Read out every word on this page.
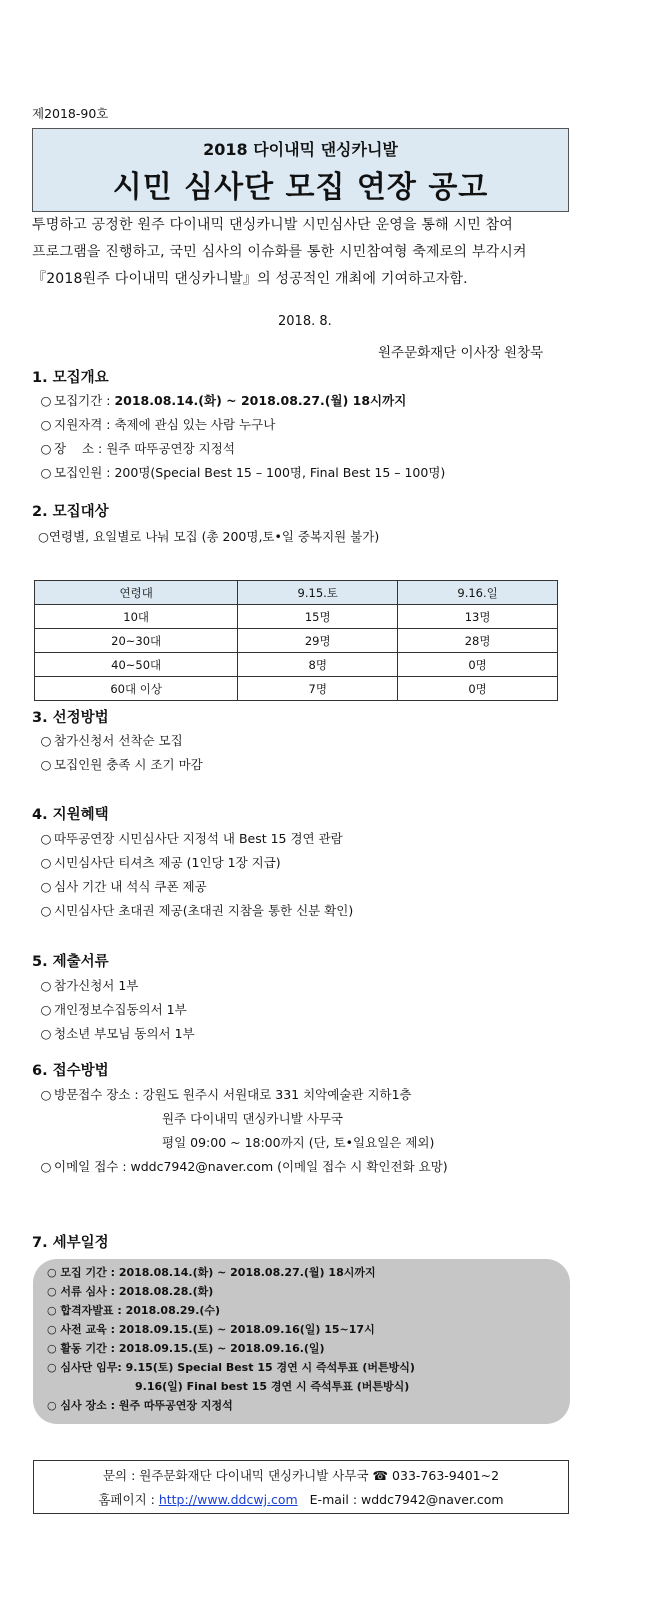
제2018-90호
2018 다이내믹 댄싱카니발
시민 심사단 모집 연장 공고
투명하고 공정한 원주 다이내믹 댄싱카니발 시민심사단 운영을 통해 시민 참여
프로그램을 진행하고, 국민 심사의 이슈화를 통한 시민참여형 축제로의 부각시켜
『2018원주 다이내믹 댄싱카니발』의 성공적인 개최에 기여하고자함.
2018. 8.
원주문화재단 이사장 원창묵
1. 모집개요
○ 모집기간 : 2018.08.14.(화) ~ 2018.08.27.(월) 18시까지
○ 지원자격 : 축제에 관심 있는 사람 누구나
○ 장    소 : 원주 따뚜공연장 지정석
○ 모집인원 : 200명(Special Best 15 – 100명, Final Best 15 – 100명)
2. 모집대상
○연령별, 요일별로 나눠 모집 (총 200명,토•일 중복지원 불가)
연령대	9.15.토	9.16.일
10대	15명	13명
20~30대	29명	28명
40~50대	8명	0명
60대 이상	7명	0명
3. 선정방법
○ 참가신청서 선착순 모집
○ 모집인원 충족 시 조기 마감
4. 지원혜택
○ 따뚜공연장 시민심사단 지정석 내 Best 15 경연 관람
○ 시민심사단 티셔츠 제공 (1인당 1장 지급)
○ 심사 기간 내 석식 쿠폰 제공
○ 시민심사단 초대권 제공(초대권 지참을 통한 신분 확인)
5. 제출서류
○ 참가신청서 1부
○ 개인정보수집동의서 1부
○ 청소년 부모님 동의서 1부
6. 접수방법
○ 방문접수 장소 : 강원도 원주시 서원대로 331 치악예술관 지하1층
원주 다이내믹 댄싱카니발 사무국
평일 09:00 ~ 18:00까지 (단, 토•일요일은 제외)
○ 이메일 접수 : wddc7942@naver.com (이메일 접수 시 확인전화 요망)
7. 세부일정
○ 모집 기간 : 2018.08.14.(화) ~ 2018.08.27.(월) 18시까지
○ 서류 심사 : 2018.08.28.(화)
○ 합격자발표 : 2018.08.29.(수)
○ 사전 교육 : 2018.09.15.(토) ~ 2018.09.16(일) 15~17시
○ 활동 기간 : 2018.09.15.(토) ~ 2018.09.16.(일)
○ 심사단 임무: 9.15(토) Special Best 15 경연 시 즉석투표 (버튼방식)
9.16(일) Final best 15 경연 시 즉석투표 (버튼방식)
○ 심사 장소 : 원주 따뚜공연장 지정석
문의 : 원주문화재단 다이내믹 댄싱카니발 사무국 ☎ 033-763-9401~2
홈페이지 : http://www.ddcwj.com   E-mail : wddc7942@naver.com
